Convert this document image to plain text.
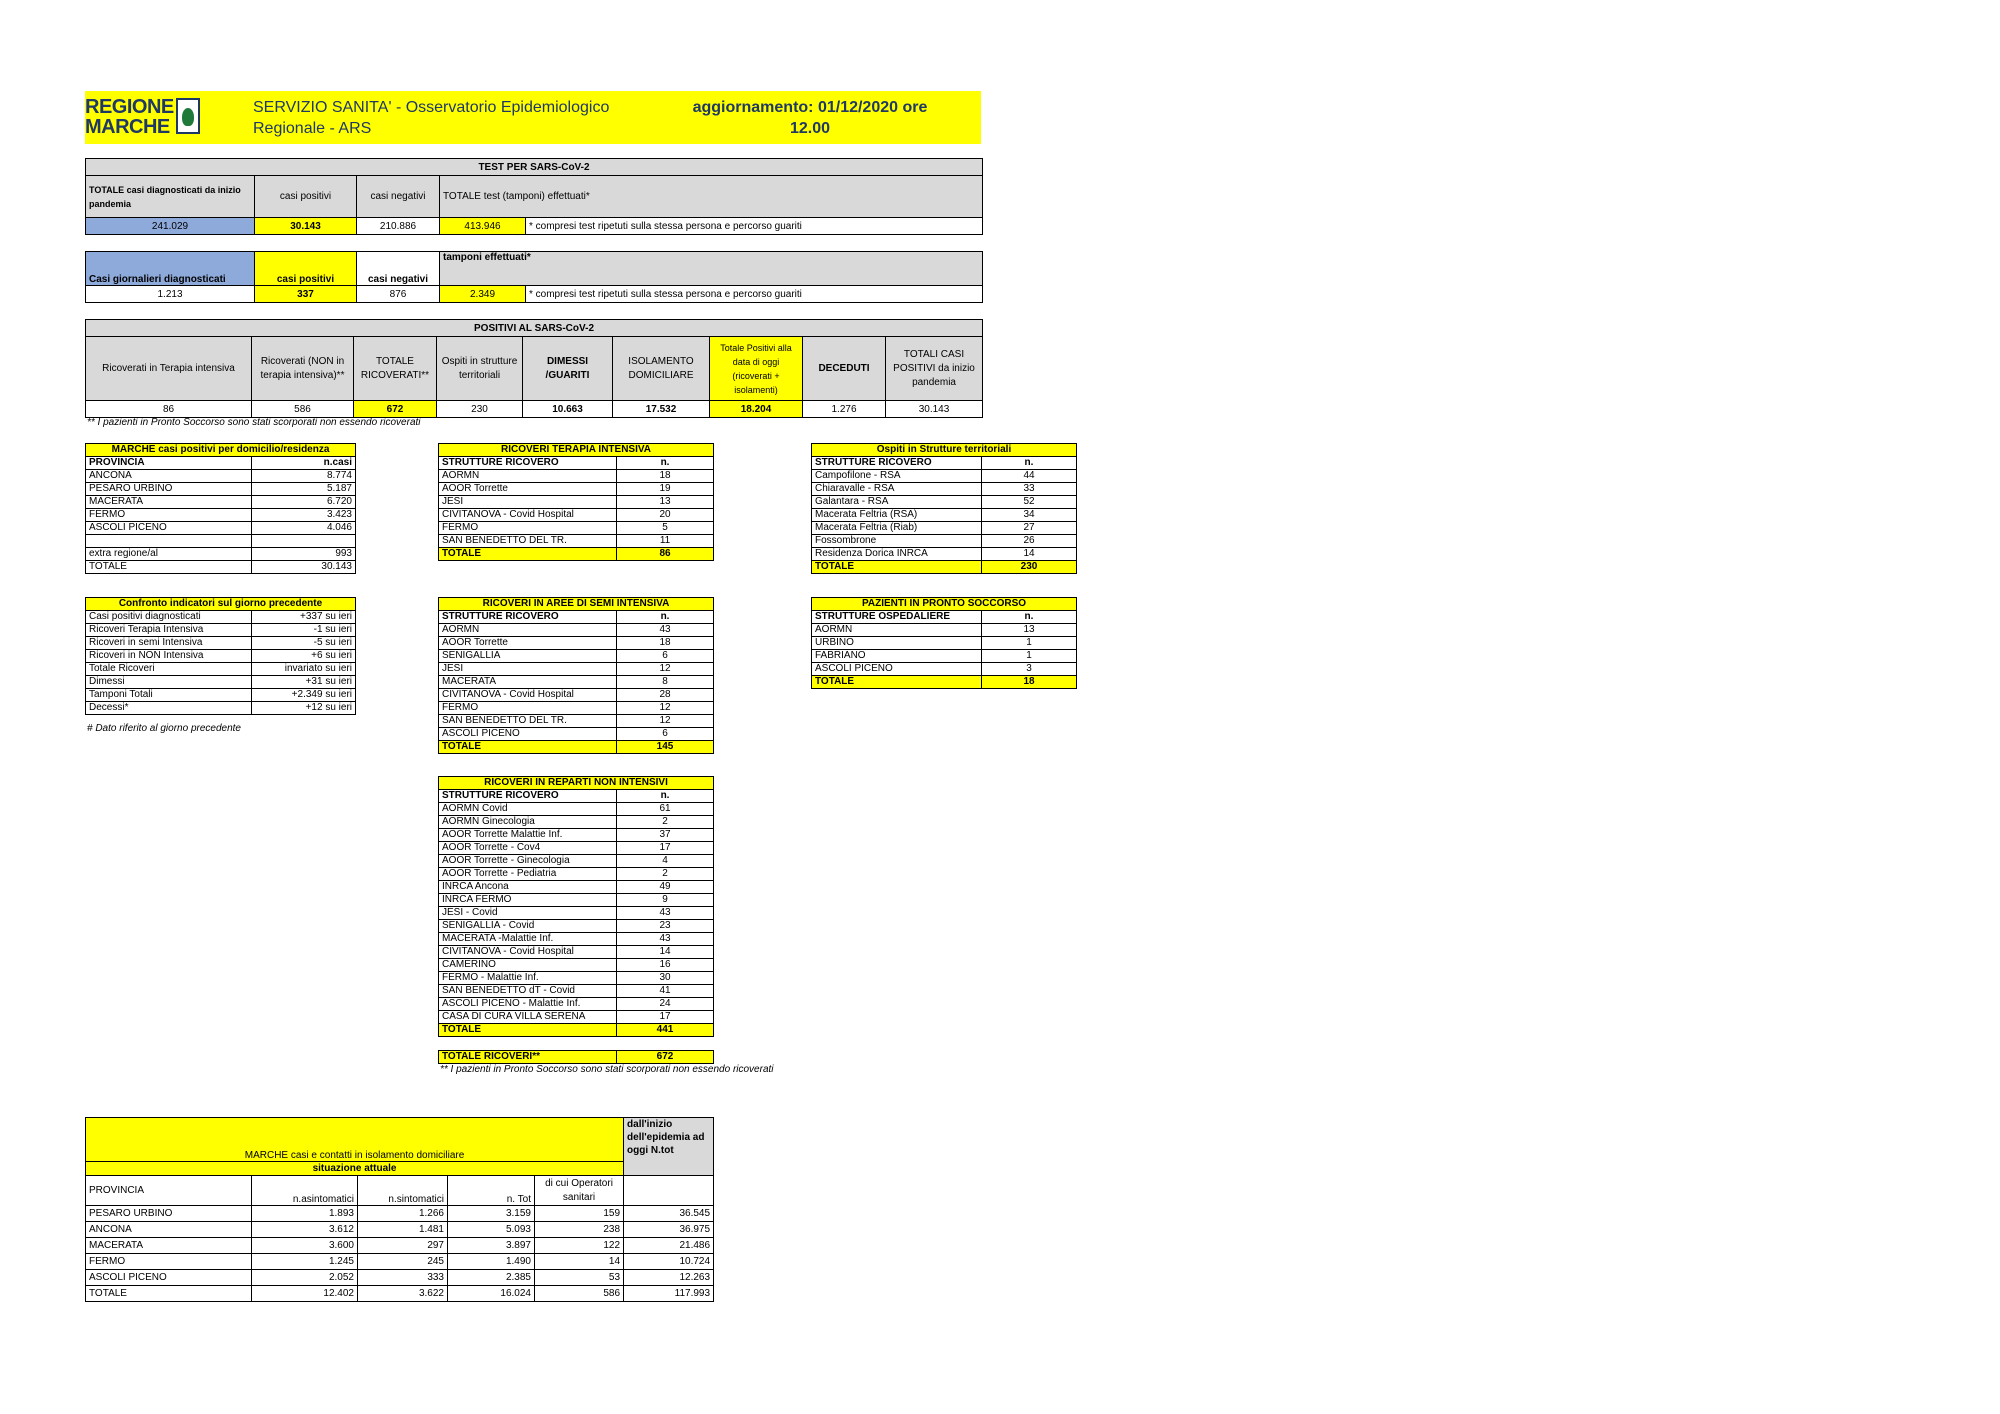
REGIONE
MARCHE
SERVIZIO SANITA' - Osservatorio Epidemiologico
Regionale - ARS
aggiornamento: 01/12/2020 ore
12.00
TEST PER SARS-CoV-2				
TOTALE casi diagnosticati da inizio pandemia	casi positivi	casi negativi	TOTALE test (tamponi) effettuati*	
241.029	30.143	210.886	413.946	* compresi test ripetuti sulla stessa persona e percorso guariti
Casi giornalieri diagnosticati	casi positivi	casi negativi	tamponi effettuati*	
1.213	337	876	2.349	* compresi test ripetuti sulla stessa persona e percorso guariti
POSITIVI AL SARS-CoV-2								
Ricoverati in Terapia intensiva	Ricoverati (NON in terapia intensiva)**	TOTALE RICOVERATI**	Ospiti in strutture territoriali	DIMESSI /GUARITI	ISOLAMENTO DOMICILIARE	Totale Positivi alla data di oggi (ricoverati + isolamenti)	DECEDUTI	TOTALI CASI POSITIVI da inizio pandemia
86	586	672	230	10.663	17.532	18.204	1.276	30.143
** I pazienti in Pronto Soccorso sono stati scorporati non essendo ricoverati
MARCHE casi positivi per domicilio/residenza	
PROVINCIA	n.casi
ANCONA	8.774
PESARO URBINO	5.187
MACERATA	6.720
FERMO	3.423
ASCOLI PICENO	4.046

extra regione/al	993
TOTALE	30.143
Confronto indicatori sul giorno precedente	
Casi positivi diagnosticati	+337 su ieri
Ricoveri Terapia Intensiva	-1 su ieri
Ricoveri in semi Intensiva	-5 su ieri
Ricoveri in NON Intensiva	+6 su ieri
Totale Ricoveri	invariato su ieri
Dimessi	+31 su ieri
Tamponi Totali	+2.349 su ieri
Decessi*	+12 su ieri
# Dato riferito al giorno precedente
RICOVERI TERAPIA INTENSIVA	
STRUTTURE RICOVERO	n.
AORMN	18
AOOR Torrette	19
JESI	13
CIVITANOVA - Covid Hospital	20
FERMO	5
SAN BENEDETTO DEL TR.	11
TOTALE	86
RICOVERI IN AREE DI SEMI INTENSIVA	
STRUTTURE RICOVERO	n.
AORMN	43
AOOR Torrette	18
SENIGALLIA	6
JESI	12
MACERATA	8
CIVITANOVA - Covid Hospital	28
FERMO	12
SAN BENEDETTO DEL TR.	12
ASCOLI PICENO	6
TOTALE	145
RICOVERI IN REPARTI NON INTENSIVI	
STRUTTURE RICOVERO	n.
AORMN Covid	61
AORMN Ginecologia	2
AOOR Torrette Malattie Inf.	37
AOOR Torrette - Cov4	17
AOOR Torrette - Ginecologia	4
AOOR Torrette - Pediatria	2
INRCA Ancona	49
INRCA FERMO	9
JESI - Covid	43
SENIGALLIA - Covid	23
MACERATA -Malattie Inf.	43
CIVITANOVA - Covid Hospital	14
CAMERINO	16
FERMO - Malattie Inf.	30
SAN BENEDETTO dT - Covid	41
ASCOLI PICENO - Malattie Inf.	24
CASA DI CURA VILLA SERENA	17
TOTALE	441
TOTALE RICOVERI**	672
** I pazienti in Pronto Soccorso sono stati scorporati non essendo ricoverati
Ospiti in Strutture territoriali	
STRUTTURE RICOVERO	n.
Campofilone - RSA	44
Chiaravalle - RSA	33
Galantara - RSA	52
Macerata Feltria (RSA)	34
Macerata Feltria (Riab)	27
Fossombrone	26
Residenza Dorica INRCA	14
TOTALE	230
PAZIENTI IN PRONTO SOCCORSO	
STRUTTURE OSPEDALIERE	n.
AORMN	13
URBINO	1
FABRIANO	1
ASCOLI PICENO	3
TOTALE	18
MARCHE casi e contatti in isolamento domiciliare					dall'inizio dell'epidemia ad oggi N.tot
situazione attuale					
PROVINCIA	n.asintomatici	n.sintomatici	n. Tot	di cui Operatori sanitari	
PESARO URBINO	1.893	1.266	3.159	159	36.545
ANCONA	3.612	1.481	5.093	238	36.975
MACERATA	3.600	297	3.897	122	21.486
FERMO	1.245	245	1.490	14	10.724
ASCOLI PICENO	2.052	333	2.385	53	12.263
TOTALE	12.402	3.622	16.024	586	117.993
